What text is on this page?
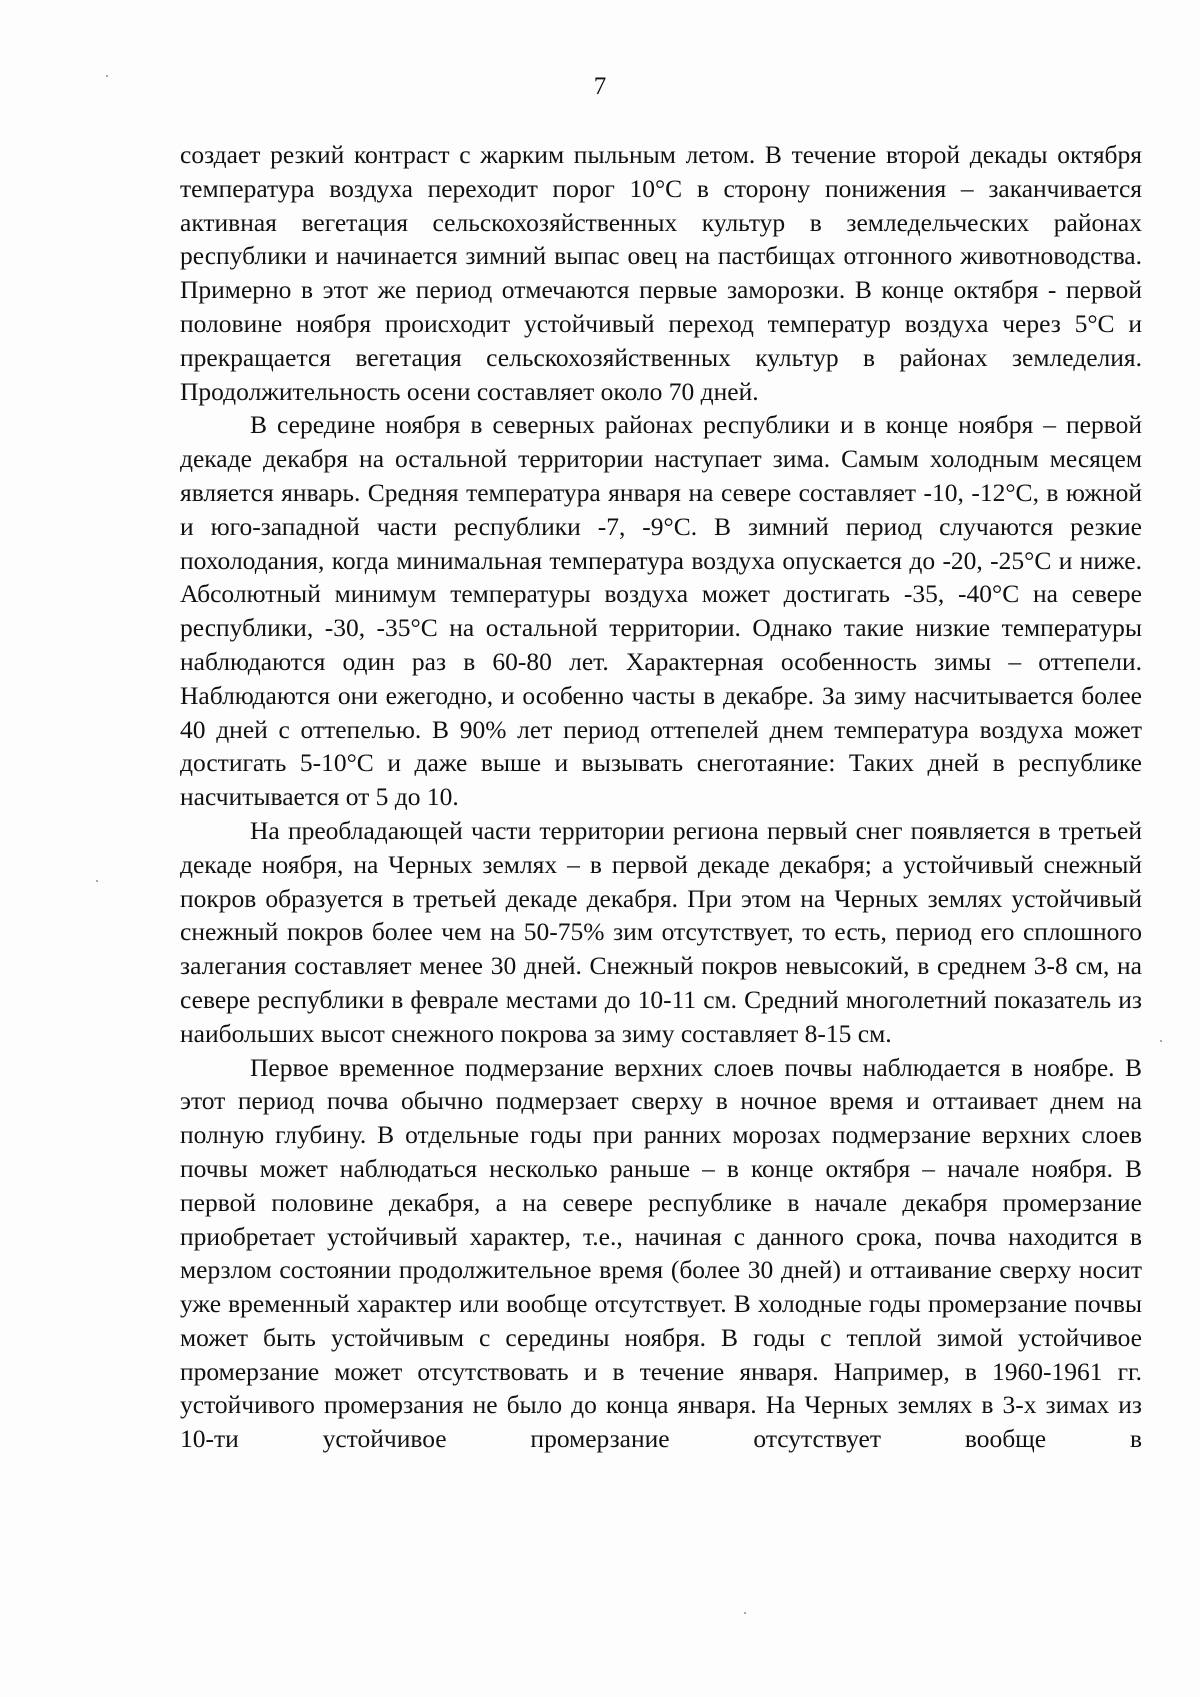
7

создает резкий контраст с жарким пыльным летом. В течение второй декады октября температура воздуха переходит порог 10°С в сторону понижения – заканчивается активная вегетация сельскохозяйственных культур в земледельческих районах республики и начинается зимний выпас овец на пастбищах отгонного животноводства. Примерно в этот же период отмечаются первые заморозки. В конце октября - первой половине ноября происходит устойчивый переход температур воздуха через 5°С и прекращается вегетация сельскохозяйственных культур в районах земледелия. Продолжительность осени составляет около 70 дней.

В середине ноября в северных районах республики и в конце ноября – первой декаде декабря на остальной территории наступает зима. Самым холодным месяцем является январь. Средняя температура января на севере составляет -10, -12°С, в южной и юго-западной части республики -7, -9°С. В зимний период случаются резкие похолодания, когда минимальная температура воздуха опускается до -20, -25°С и ниже. Абсолютный минимум температуры воздуха может достигать -35, -40°С на севере республики, -30, -35°С на остальной территории. Однако такие низкие температуры наблюдаются один раз в 60-80 лет. Характерная особенность зимы – оттепели. Наблюдаются они ежегодно, и особенно часты в декабре. За зиму насчитывается более 40 дней с оттепелью. В 90% лет период оттепелей днем температура воздуха может достигать 5-10°С и даже выше и вызывать снеготаяние: Таких дней в республике насчитывается от 5 до 10.

На преобладающей части территории региона первый снег появляется в третьей декаде ноября, на Черных землях – в первой декаде декабря; а устойчивый снежный покров образуется в третьей декаде декабря. При этом на Черных землях устойчивый снежный покров более чем на 50-75% зим отсутствует, то есть, период его сплошного залегания составляет менее 30 дней. Снежный покров невысокий, в среднем 3-8 см, на севере республики в феврале местами до 10-11 см. Средний многолетний показатель из наибольших высот снежного покрова за зиму составляет 8-15 см.

Первое временное подмерзание верхних слоев почвы наблюдается в ноябре. В этот период почва обычно подмерзает сверху в ночное время и оттаивает днем на полную глубину. В отдельные годы при ранних морозах подмерзание верхних слоев почвы может наблюдаться несколько раньше – в конце октября – начале ноября. В первой половине декабря, а на севере республике в начале декабря промерзание приобретает устойчивый характер, т.е., начиная с данного срока, почва находится в мерзлом состоянии продолжительное время (более 30 дней) и оттаивание сверху носит уже временный характер или вообще отсутствует. В холодные годы промерзание почвы может быть устойчивым с середины ноября. В годы с теплой зимой устойчивое промерзание может отсутствовать и в течение января. Например, в 1960-1961 гг. устойчивого промерзания не было до конца января. На Черных землях в 3-х зимах из 10-ти устойчивое промерзание отсутствует вообще в
